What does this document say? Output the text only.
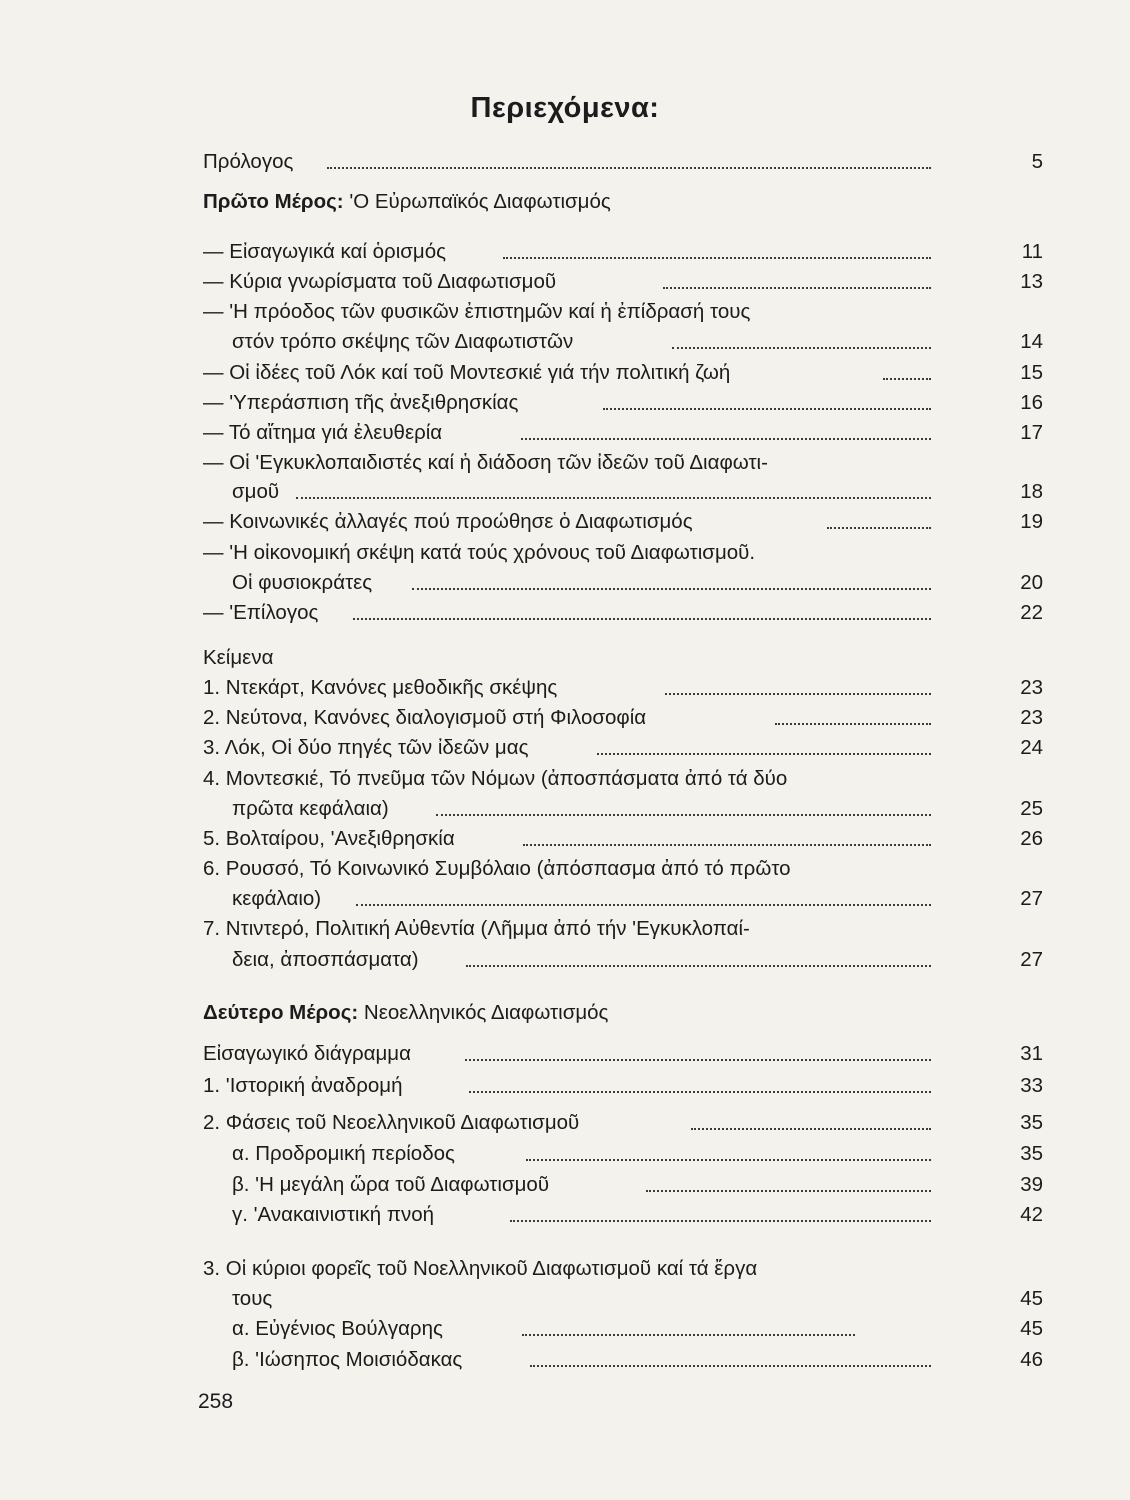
Περιεχόμενα:
Πρόλογος	5
Πρῶτο Μέρος: 'Ο Εὐρωπαϊκός Διαφωτισμός
— Εἰσαγωγικά καί ὁρισμός	11
— Κύρια γνωρίσματα τοῦ Διαφωτισμοῦ	13
— 'Η πρόοδος τῶν φυσικῶν ἐπιστημῶν καί ἡ ἐπίδρασή τους
στόν τρόπο σκέψης τῶν Διαφωτιστῶν	14
— Οἱ ἰδέες τοῦ Λόκ καί τοῦ Μοντεσκιέ γιά τήν πολιτική ζωή	15
— 'Υπεράσπιση τῆς ἀνεξιθρησκίας	16
— Τό αἴτημα γιά ἐλευθερία	17
— Οἱ 'Εγκυκλοπαιδιστές καί ἡ διάδοση τῶν ἰδεῶν τοῦ Διαφωτι-
σμοῦ	18
— Κοινωνικές ἀλλαγές πού προώθησε ὁ Διαφωτισμός	19
— 'Η οἰκονομική σκέψη κατά τούς χρόνους τοῦ Διαφωτισμοῦ.
Οἱ φυσιοκράτες	20
— 'Επίλογος	22
Κείμενα
1. Ντεκάρτ, Κανόνες μεθοδικῆς σκέψης	23
2. Νεύτονα, Κανόνες διαλογισμοῦ στή Φιλοσοφία	23
3. Λόκ, Οἱ δύο πηγές τῶν ἰδεῶν μας	24
4. Μοντεσκιέ, Τό πνεῦμα τῶν Νόμων (ἀποσπάσματα ἀπό τά δύο
πρῶτα κεφάλαια)	25
5. Βολταίρου, 'Ανεξιθρησκία	26
6. Ρουσσό, Τό Κοινωνικό Συμβόλαιο (ἀπόσπασμα ἀπό τό πρῶτο
κεφάλαιο)	27
7. Ντιντερό, Πολιτική Αὐθεντία (Λῆμμα ἀπό τήν 'Εγκυκλοπαί-
δεια, ἀποσπάσματα)	27
Δεύτερο Μέρος: Νεοελληνικός Διαφωτισμός
Εἰσαγωγικό διάγραμμα	31
1. 'Ιστορική ἀναδρομή	33
2. Φάσεις τοῦ Νεοελληνικοῦ Διαφωτισμοῦ	35
α. Προδρομική περίοδος	35
β. 'Η μεγάλη ὥρα τοῦ Διαφωτισμοῦ	39
γ. 'Ανακαινιστική πνοή	42
3. Οἱ κύριοι φορεῖς τοῦ Νοελληνικοῦ Διαφωτισμοῦ καί τά ἔργα
τους	45
α. Εὐγένιος Βούλγαρης	45
β. 'Ιώσηπος Μοισιόδακας	46
258
